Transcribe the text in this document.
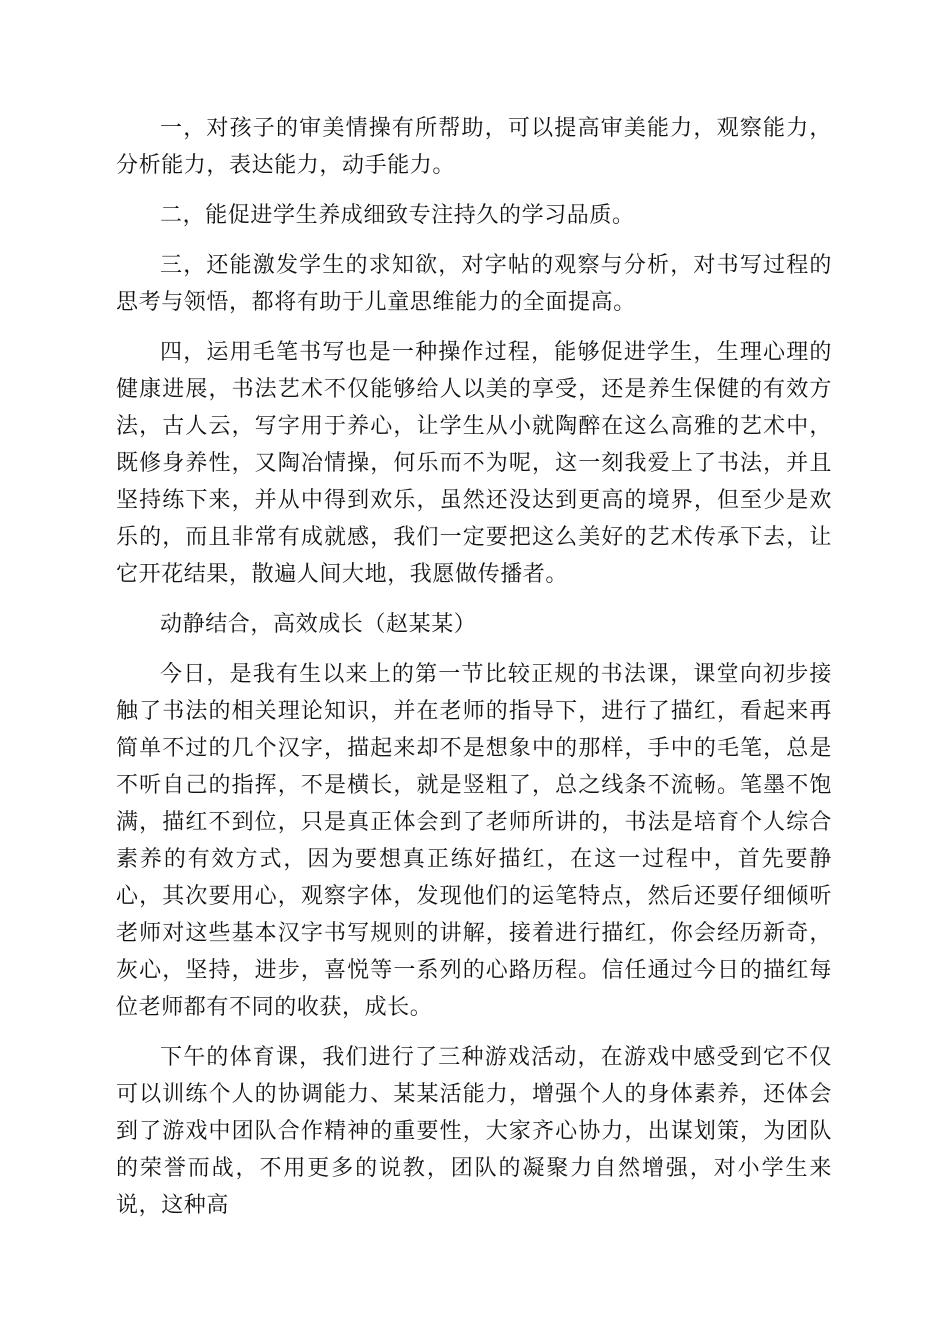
一，对孩子的审美情操有所帮助，可以提高审美能力，观察能力，分析能力，表达能力，动手能力。

二，能促进学生养成细致专注持久的学习品质。

三，还能激发学生的求知欲，对字帖的观察与分析，对书写过程的思考与领悟，都将有助于儿童思维能力的全面提高。

四，运用毛笔书写也是一种操作过程，能够促进学生，生理心理的健康进展，书法艺术不仅能够给人以美的享受，还是养生保健的有效方法，古人云，写字用于养心，让学生从小就陶醉在这么高雅的艺术中，既修身养性，又陶冶情操，何乐而不为呢，这一刻我爱上了书法，并且坚持练下来，并从中得到欢乐，虽然还没达到更高的境界，但至少是欢乐的，而且非常有成就感，我们一定要把这么美好的艺术传承下去，让它开花结果，散遍人间大地，我愿做传播者。

动静结合，高效成长（赵某某）

今日，是我有生以来上的第一节比较正规的书法课，课堂向初步接触了书法的相关理论知识，并在老师的指导下，进行了描红，看起来再简单不过的几个汉字，描起来却不是想象中的那样，手中的毛笔，总是不听自己的指挥，不是横长，就是竖粗了，总之线条不流畅。笔墨不饱满，描红不到位，只是真正体会到了老师所讲的，书法是培育个人综合素养的有效方式，因为要想真正练好描红，在这一过程中，首先要静心，其次要用心，观察字体，发现他们的运笔特点，然后还要仔细倾听老师对这些基本汉字书写规则的讲解，接着进行描红，你会经历新奇，灰心，坚持，进步，喜悦等一系列的心路历程。信任通过今日的描红每位老师都有不同的收获，成长。

下午的体育课，我们进行了三种游戏活动，在游戏中感受到它不仅可以训练个人的协调能力、某某活能力，增强个人的身体素养，还体会到了游戏中团队合作精神的重要性，大家齐心协力，出谋划策，为团队的荣誉而战，不用更多的说教，团队的凝聚力自然增强，对小学生来说，这种高
